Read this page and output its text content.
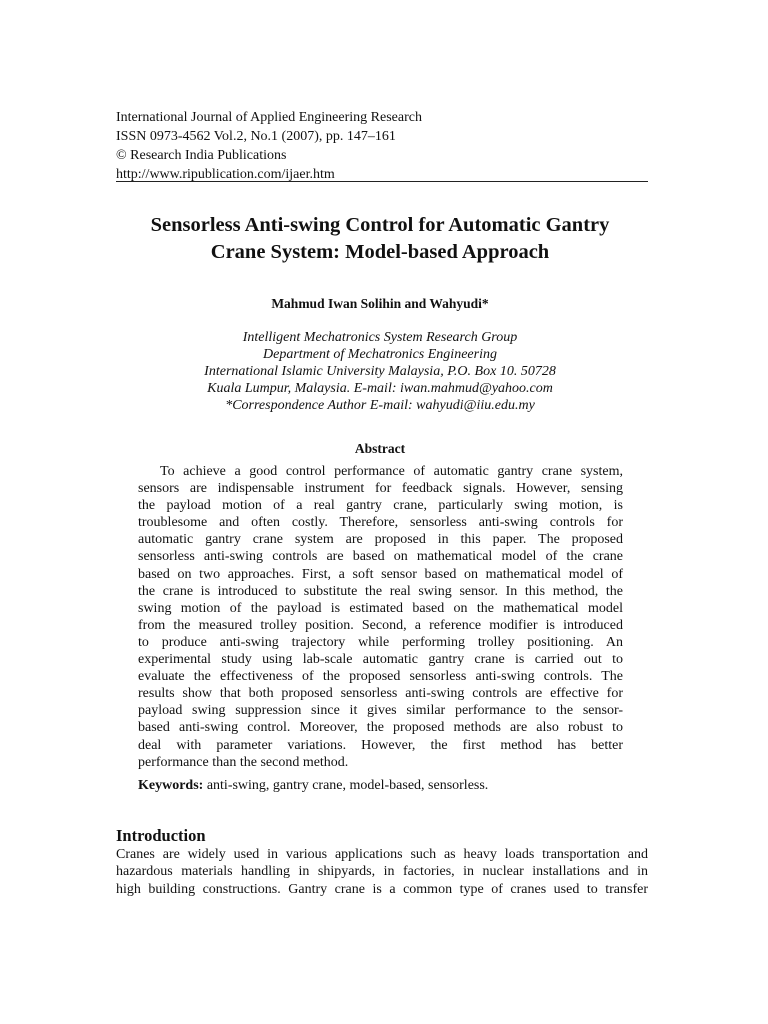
International Journal of Applied Engineering Research
ISSN 0973-4562 Vol.2, No.1 (2007), pp. 147–161
© Research India Publications
http://www.ripublication.com/ijaer.htm
Sensorless Anti-swing Control for Automatic Gantry
Crane System: Model-based Approach
Mahmud Iwan Solihin and Wahyudi*
Intelligent Mechatronics System Research Group
Department of Mechatronics Engineering
International Islamic University Malaysia, P.O. Box 10. 50728
Kuala Lumpur, Malaysia. E-mail: iwan.mahmud@yahoo.com
*Correspondence Author E-mail: wahyudi@iiu.edu.my
Abstract
To achieve a good control performance of automatic gantry crane system,
sensors are indispensable instrument for feedback signals. However, sensing
the payload motion of a real gantry crane, particularly swing motion, is
troublesome and often costly. Therefore, sensorless anti-swing controls for
automatic gantry crane system are proposed in this paper. The proposed
sensorless anti-swing controls are based on mathematical model of the crane
based on two approaches. First, a soft sensor based on mathematical model of
the crane is introduced to substitute the real swing sensor. In this method, the
swing motion of the payload is estimated based on the mathematical model
from the measured trolley position. Second, a reference modifier is introduced
to produce anti-swing trajectory while performing trolley positioning. An
experimental study using lab-scale automatic gantry crane is carried out to
evaluate the effectiveness of the proposed sensorless anti-swing controls. The
results show that both proposed sensorless anti-swing controls are effective for
payload swing suppression since it gives similar performance to the sensor-
based anti-swing control. Moreover, the proposed methods are also robust to
deal with parameter variations. However, the first method has better
performance than the second method.
Keywords: anti-swing, gantry crane, model-based, sensorless.
Introduction
Cranes are widely used in various applications such as heavy loads transportation and
hazardous materials handling in shipyards, in factories, in nuclear installations and in
high building constructions. Gantry crane is a common type of cranes used to transfer
